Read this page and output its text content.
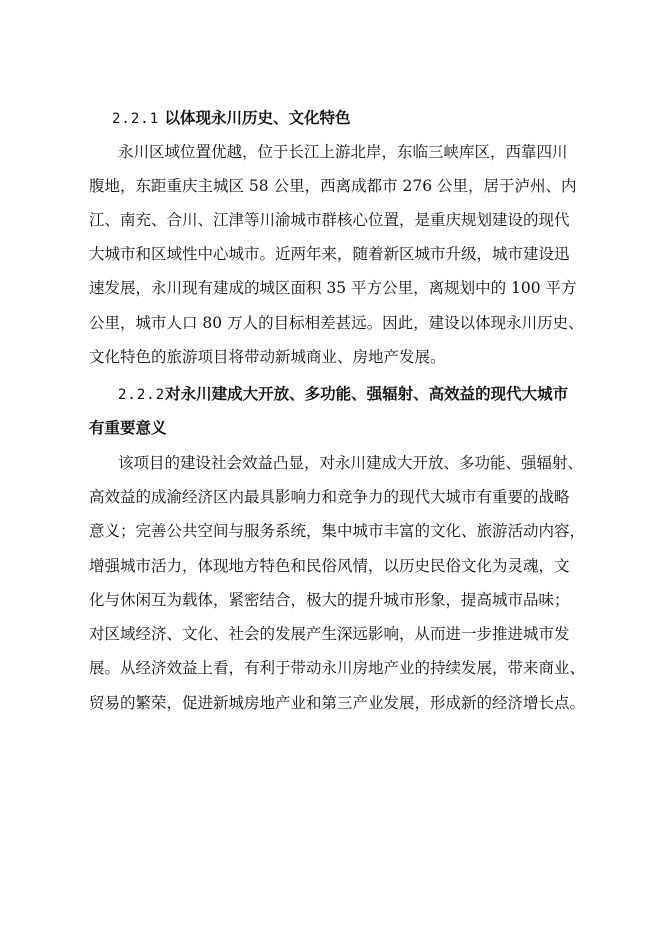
2.2.1 以体现永川历史、文化特色
永川区域位置优越，位于长江上游北岸，东临三峡库区，西靠四川
腹地，东距重庆主城区 58 公里，西离成都市 276 公里，居于泸州、内
江、南充、合川、江津等川渝城市群核心位置，是重庆规划建设的现代
大城市和区域性中心城市。近两年来，随着新区城市升级，城市建设迅
速发展，永川现有建成的城区面积 35 平方公里，离规划中的 100 平方
公里，城市人口 80 万人的目标相差甚远。因此，建设以体现永川历史、
文化特色的旅游项目将带动新城商业、房地产发展。
2.2.2对永川建成大开放、多功能、强辐射、高效益的现代大城市
有重要意义
该项目的建设社会效益凸显，对永川建成大开放、多功能、强辐射、
高效益的成渝经济区内最具影响力和竞争力的现代大城市有重要的战略
意义；完善公共空间与服务系统，集中城市丰富的文化、旅游活动内容，
增强城市活力，体现地方特色和民俗风情，以历史民俗文化为灵魂，文
化与休闲互为载体，紧密结合，极大的提升城市形象，提高城市品味；
对区域经济、文化、社会的发展产生深远影响，从而进一步推进城市发
展。从经济效益上看，有利于带动永川房地产业的持续发展，带来商业、
贸易的繁荣，促进新城房地产业和第三产业发展，形成新的经济增长点。
